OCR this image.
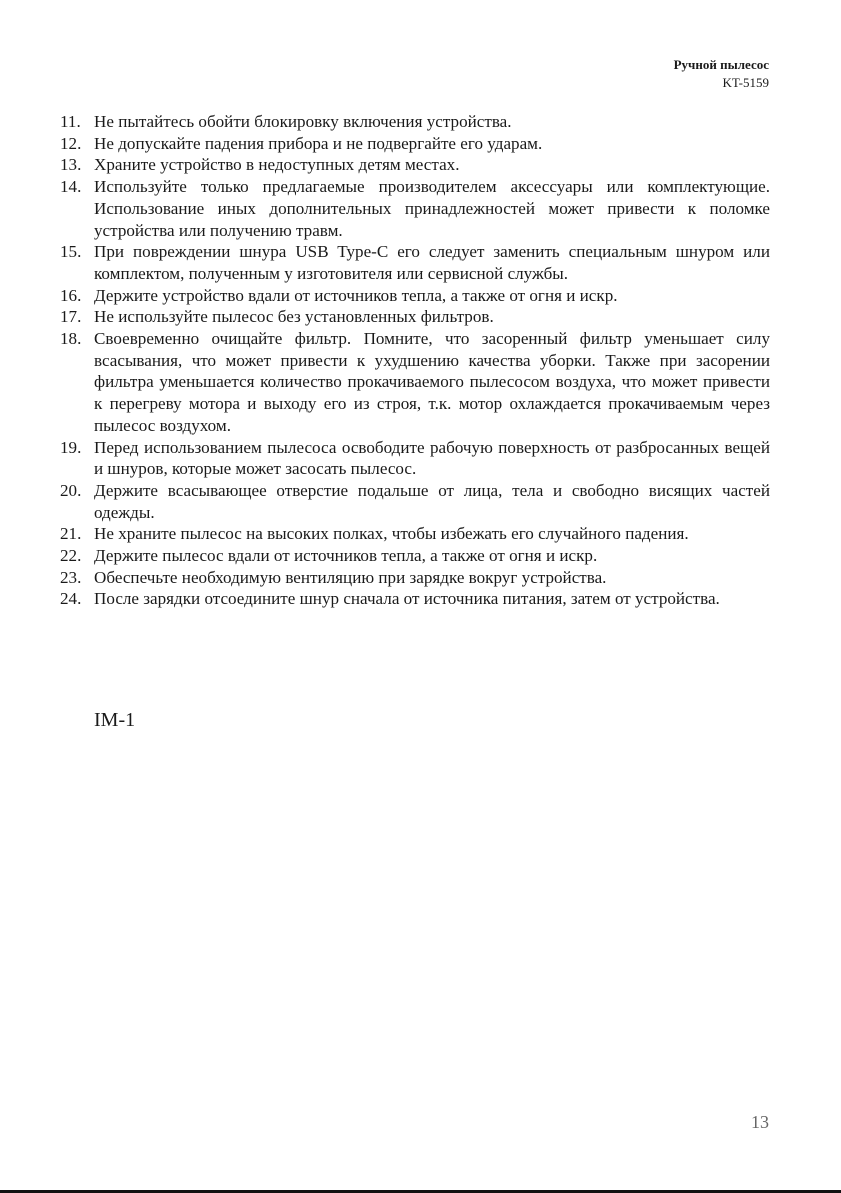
Ручной пылесос
KT-5159
11. Не пытайтесь обойти блокировку включения устройства.
12. Не допускайте падения прибора и не подвергайте его ударам.
13. Храните устройство в недоступных детям местах.
14. Используйте только предлагаемые производителем аксессуары или комплектующие. Использование иных дополнительных принадлежностей может привести к поломке устройства или получению травм.
15. При повреждении шнура USB Type-C его следует заменить специальным шнуром или комплектом, полученным у изготовителя или сервисной службы.
16. Держите устройство вдали от источников тепла, а также от огня и искр.
17. Не используйте пылесос без установленных фильтров.
18. Своевременно очищайте фильтр. Помните, что засоренный фильтр уменьшает силу всасывания, что может привести к ухудшению качества уборки. Также при засорении фильтра уменьшается количество прокачиваемого пылесосом воздуха, что может привести к перегреву мотора и выходу его из строя, т.к. мотор охлаждается прокачиваемым через пылесос воздухом.
19. Перед использованием пылесоса освободите рабочую поверхность от разбросанных вещей и шнуров, которые может засосать пылесос.
20. Держите всасывающее отверстие подальше от лица, тела и свободно висящих частей одежды.
21. Не храните пылесос на высоких полках, чтобы избежать его случайного падения.
22. Держите пылесос вдали от источников тепла, а также от огня и искр.
23. Обеспечьте необходимую вентиляцию при зарядке вокруг устройства.
24. После зарядки отсоедините шнур сначала от источника питания, затем от устройства.
IM-1
13
